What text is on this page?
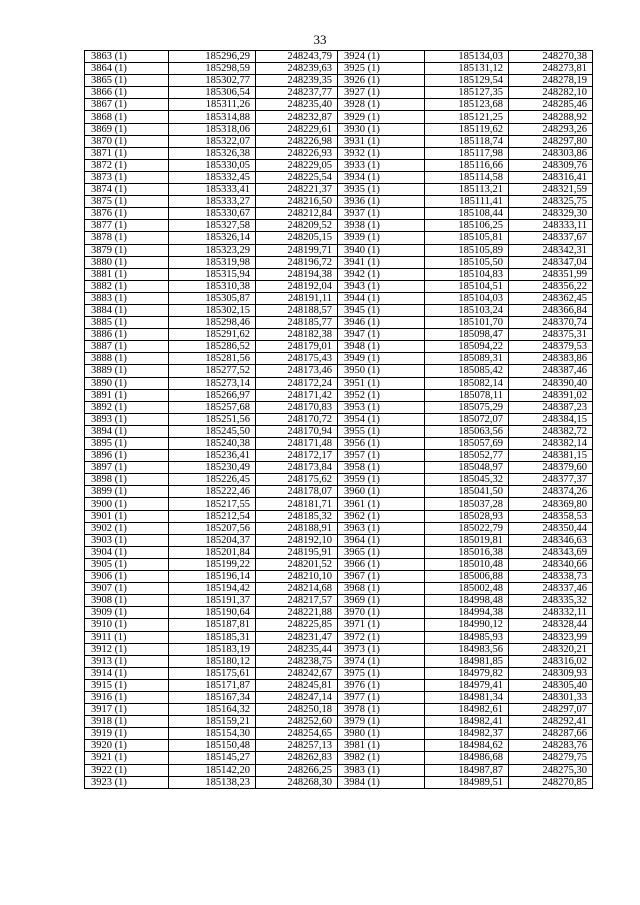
33
3863 (1)	185296,29	248243,79	3924 (1)	185134,03	248270,38
3864 (1)	185298,59	248239,63	3925 (1)	185131,12	248273,81
3865 (1)	185302,77	248239,35	3926 (1)	185129,54	248278,19
3866 (1)	185306,54	248237,77	3927 (1)	185127,35	248282,10
3867 (1)	185311,26	248235,40	3928 (1)	185123,68	248285,46
3868 (1)	185314,88	248232,87	3929 (1)	185121,25	248288,92
3869 (1)	185318,06	248229,61	3930 (1)	185119,62	248293,26
3870 (1)	185322,07	248226,98	3931 (1)	185118,74	248297,80
3871 (1)	185326,38	248226,93	3932 (1)	185117,98	248303,86
3872 (1)	185330,05	248229,05	3933 (1)	185116,66	248309,76
3873 (1)	185332,45	248225,54	3934 (1)	185114,58	248316,41
3874 (1)	185333,41	248221,37	3935 (1)	185113,21	248321,59
3875 (1)	185333,27	248216,50	3936 (1)	185111,41	248325,75
3876 (1)	185330,67	248212,84	3937 (1)	185108,44	248329,30
3877 (1)	185327,58	248209,52	3938 (1)	185106,25	248333,11
3878 (1)	185326,14	248205,15	3939 (1)	185105,81	248337,67
3879 (1)	185323,29	248199,71	3940 (1)	185105,89	248342,31
3880 (1)	185319,98	248196,72	3941 (1)	185105,50	248347,04
3881 (1)	185315,94	248194,38	3942 (1)	185104,83	248351,99
3882 (1)	185310,38	248192,04	3943 (1)	185104,51	248356,22
3883 (1)	185305,87	248191,11	3944 (1)	185104,03	248362,45
3884 (1)	185302,15	248188,57	3945 (1)	185103,24	248366,84
3885 (1)	185298,46	248185,77	3946 (1)	185101,70	248370,74
3886 (1)	185291,62	248182,38	3947 (1)	185098,47	248375,31
3887 (1)	185286,52	248179,01	3948 (1)	185094,22	248379,53
3888 (1)	185281,56	248175,43	3949 (1)	185089,31	248383,86
3889 (1)	185277,52	248173,46	3950 (1)	185085,42	248387,46
3890 (1)	185273,14	248172,24	3951 (1)	185082,14	248390,40
3891 (1)	185266,97	248171,42	3952 (1)	185078,11	248391,02
3892 (1)	185257,68	248170,83	3953 (1)	185075,29	248387,23
3893 (1)	185251,56	248170,72	3954 (1)	185072,07	248384,15
3894 (1)	185245,50	248170,94	3955 (1)	185063,56	248382,72
3895 (1)	185240,38	248171,48	3956 (1)	185057,69	248382,14
3896 (1)	185236,41	248172,17	3957 (1)	185052,77	248381,15
3897 (1)	185230,49	248173,84	3958 (1)	185048,97	248379,60
3898 (1)	185226,45	248175,62	3959 (1)	185045,32	248377,37
3899 (1)	185222,46	248178,07	3960 (1)	185041,50	248374,26
3900 (1)	185217,55	248181,71	3961 (1)	185037,28	248369,80
3901 (1)	185212,54	248185,32	3962 (1)	185028,93	248358,53
3902 (1)	185207,56	248188,91	3963 (1)	185022,79	248350,44
3903 (1)	185204,37	248192,10	3964 (1)	185019,81	248346,63
3904 (1)	185201,84	248195,91	3965 (1)	185016,38	248343,69
3905 (1)	185199,22	248201,52	3966 (1)	185010,48	248340,66
3906 (1)	185196,14	248210,10	3967 (1)	185006,88	248338,73
3907 (1)	185194,42	248214,68	3968 (1)	185002,48	248337,46
3908 (1)	185191,37	248217,57	3969 (1)	184998,48	248335,32
3909 (1)	185190,64	248221,88	3970 (1)	184994,38	248332,11
3910 (1)	185187,81	248225,85	3971 (1)	184990,12	248328,44
3911 (1)	185185,31	248231,47	3972 (1)	184985,93	248323,99
3912 (1)	185183,19	248235,44	3973 (1)	184983,56	248320,21
3913 (1)	185180,12	248238,75	3974 (1)	184981,85	248316,02
3914 (1)	185175,61	248242,67	3975 (1)	184979,82	248309,93
3915 (1)	185171,87	248245,81	3976 (1)	184979,41	248305,40
3916 (1)	185167,34	248247,14	3977 (1)	184981,34	248301,33
3917 (1)	185164,32	248250,18	3978 (1)	184982,61	248297,07
3918 (1)	185159,21	248252,60	3979 (1)	184982,41	248292,41
3919 (1)	185154,30	248254,65	3980 (1)	184982,37	248287,66
3920 (1)	185150,48	248257,13	3981 (1)	184984,62	248283,76
3921 (1)	185145,27	248262,83	3982 (1)	184986,68	248279,75
3922 (1)	185142,20	248266,25	3983 (1)	184987,87	248275,30
3923 (1)	185138,23	248268,30	3984 (1)	184989,51	248270,85
